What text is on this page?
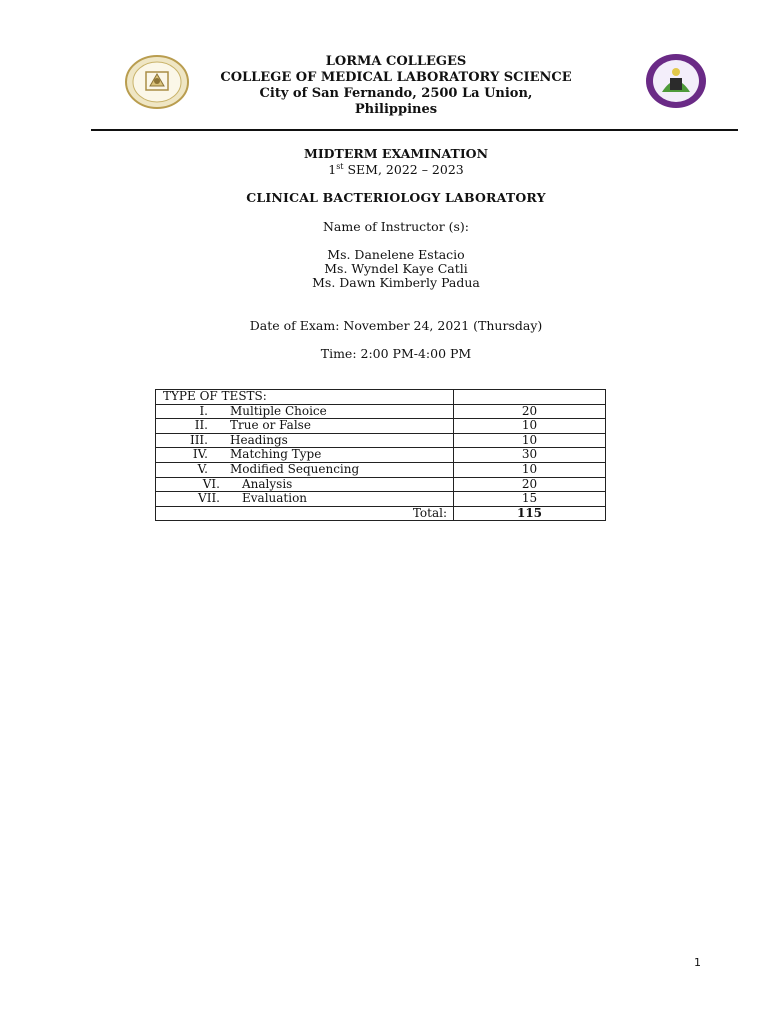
LORMA COLLEGES
COLLEGE OF MEDICAL LABORATORY SCIENCE
City of San Fernando, 2500 La Union,
Philippines
MIDTERM EXAMINATION
1st SEM, 2022 – 2023
CLINICAL BACTERIOLOGY LABORATORY
Name of Instructor (s):
Ms. Danelene Estacio
Ms. Wyndel Kaye Catli
Ms. Dawn Kimberly Padua
Date of Exam: November 24, 2021 (Thursday)
Time: 2:00 PM-4:00 PM
TYPE OF TESTS:	
I. Multiple Choice	20
II. True or False	10
III. Headings	10
IV. Matching Type	30
V. Modified Sequencing	10
VI. Analysis	20
VII. Evaluation	15
Total:	115
1
